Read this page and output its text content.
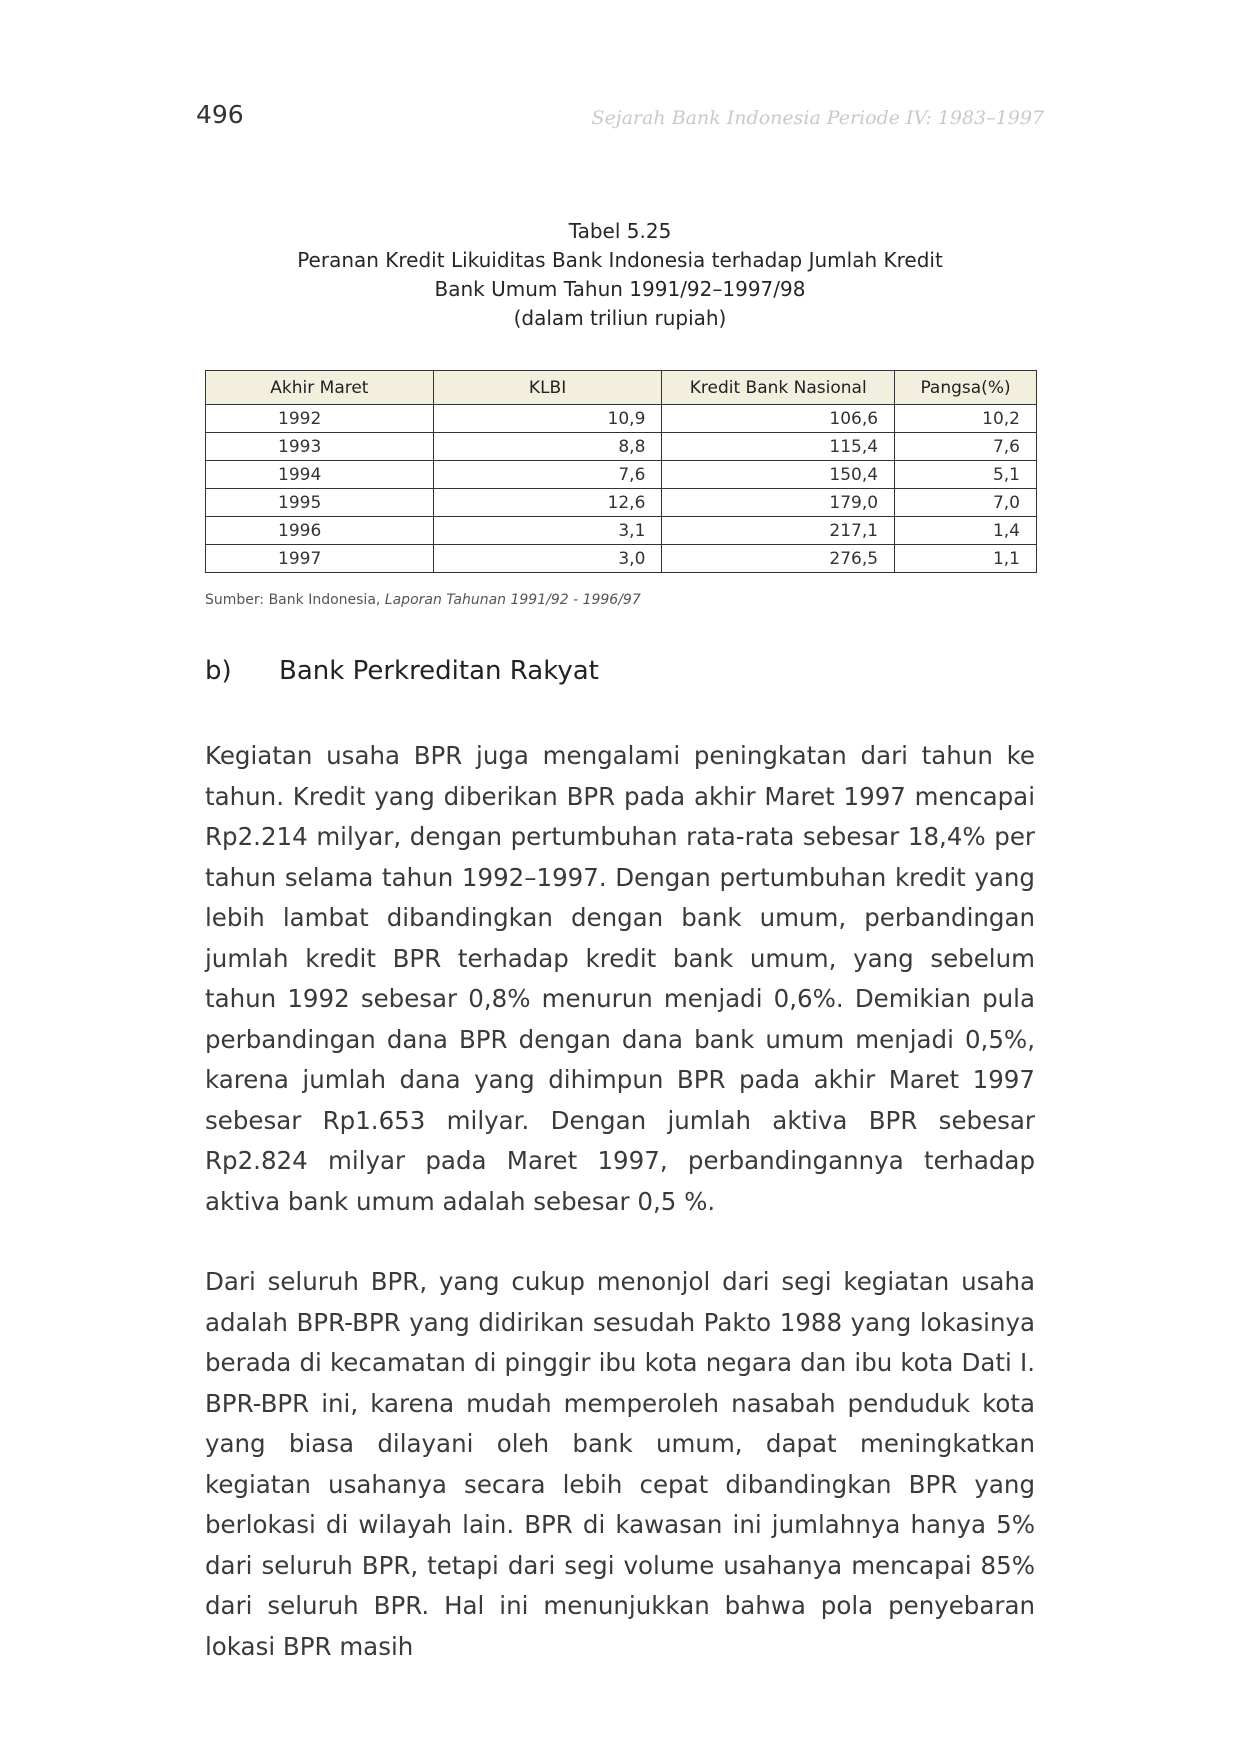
496	Sejarah Bank Indonesia Periode IV: 1983–1997
Tabel 5.25
Peranan Kredit Likuiditas Bank Indonesia terhadap Jumlah Kredit
Bank Umum Tahun 1991/92–1997/98
(dalam triliun rupiah)
Akhir Maret	KLBI	Kredit Bank Nasional	Pangsa(%)
1992	10,9	106,6	10,2
1993	8,8	115,4	7,6
1994	7,6	150,4	5,1
1995	12,6	179,0	7,0
1996	3,1	217,1	1,4
1997	3,0	276,5	1,1
Sumber: Bank Indonesia, Laporan Tahunan 1991/92 - 1996/97
b) Bank Perkreditan Rakyat

Kegiatan usaha BPR juga mengalami peningkatan dari tahun ke tahun. Kredit yang diberikan BPR pada akhir Maret 1997 mencapai Rp2.214 milyar, dengan pertumbuhan rata-rata sebesar 18,4% per tahun selama tahun 1992–1997. Dengan pertumbuhan kredit yang lebih lambat dibandingkan dengan bank umum, perbandingan jumlah kredit BPR terhadap kredit bank umum, yang sebelum tahun 1992 sebesar 0,8% menurun menjadi 0,6%. Demikian pula perbandingan dana BPR dengan dana bank umum menjadi 0,5%, karena jumlah dana yang dihimpun BPR pada akhir Maret 1997 sebesar Rp1.653 milyar. Dengan jumlah aktiva BPR sebesar Rp2.824 milyar pada Maret 1997, perbandingannya terhadap aktiva bank umum adalah sebesar 0,5 %.

Dari seluruh BPR, yang cukup menonjol dari segi kegiatan usaha adalah BPR-BPR yang didirikan sesudah Pakto 1988 yang lokasinya berada di kecamatan di pinggir ibu kota negara dan ibu kota Dati I. BPR-BPR ini, karena mudah memperoleh nasabah penduduk kota yang biasa dilayani oleh bank umum, dapat meningkatkan kegiatan usahanya secara lebih cepat dibandingkan BPR yang berlokasi di wilayah lain. BPR di kawasan ini jumlahnya hanya 5% dari seluruh BPR, tetapi dari segi volume usahanya mencapai 85% dari seluruh BPR. Hal ini menunjukkan bahwa pola penyebaran lokasi BPR masih
